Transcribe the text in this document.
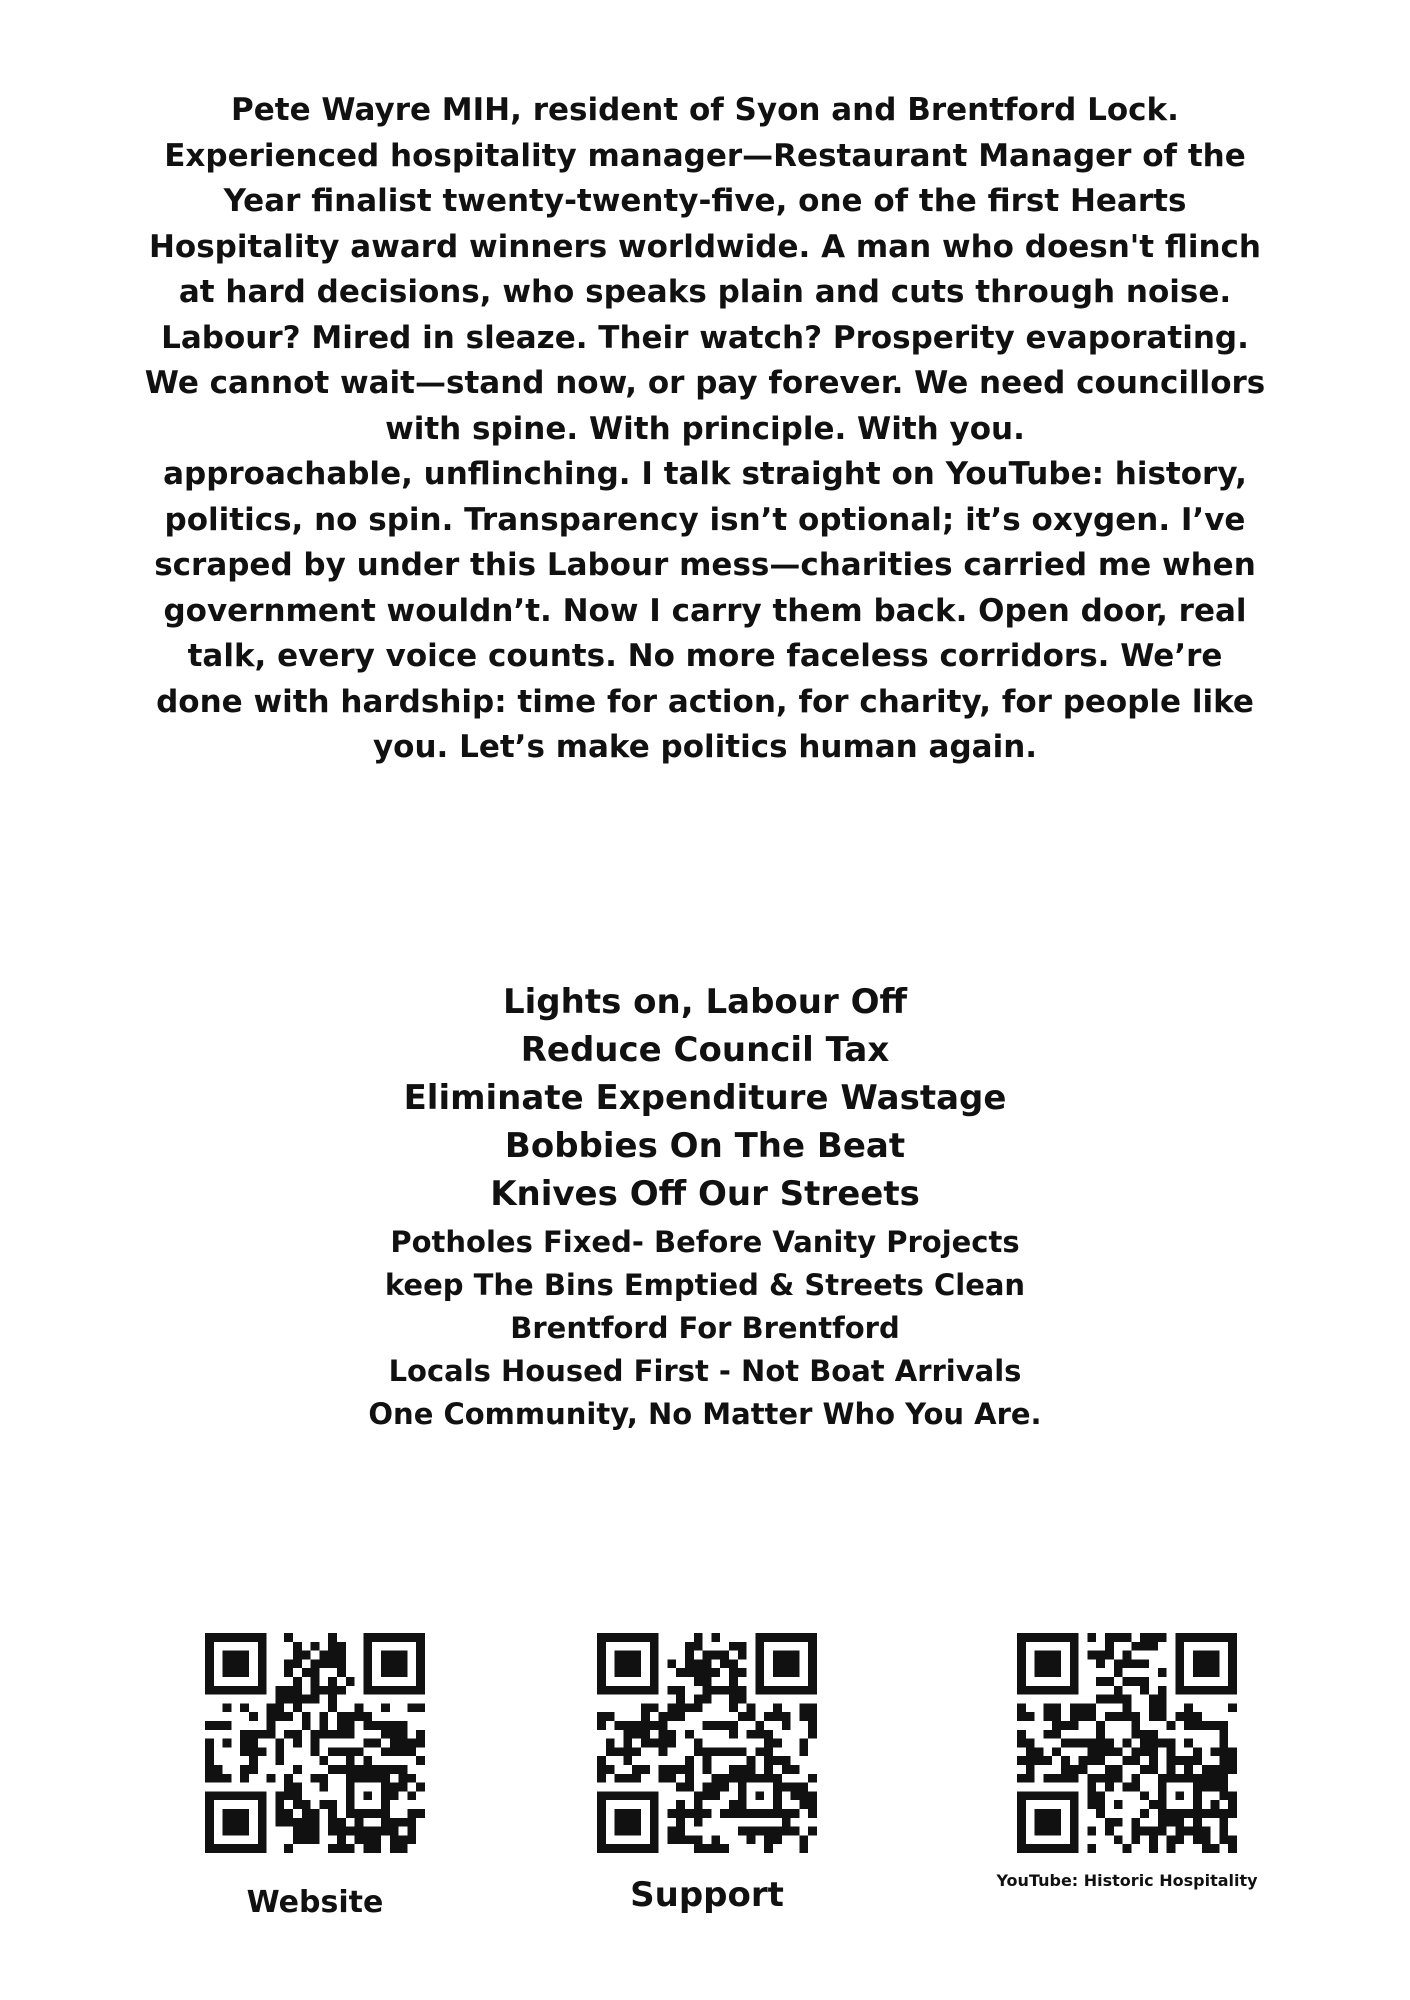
Pete Wayre MIH, resident of Syon and Brentford Lock. Experienced hospitality manager—Restaurant Manager of the Year finalist twenty-twenty-five, one of the first Hearts Hospitality award winners worldwide. A man who doesn't flinch at hard decisions, who speaks plain and cuts through noise. Labour? Mired in sleaze. Their watch? Prosperity evaporating. We cannot wait—stand now, or pay forever. We need councillors with spine. With principle. With you.

approachable, unflinching. I talk straight on YouTube: history, politics, no spin. Transparency isn’t optional; it’s oxygen. I’ve scraped by under this Labour mess—charities carried me when government wouldn’t. Now I carry them back. Open door, real talk, every voice counts. No more faceless corridors. We’re done with hardship: time for action, for charity, for people like you. Let’s make politics human again.

Lights on, Labour Off
Reduce Council Tax
Eliminate Expenditure Wastage
Bobbies On The Beat
Knives Off Our Streets
Potholes Fixed- Before Vanity Projects
keep The Bins Emptied & Streets Clean
Brentford For Brentford
Locals Housed First - Not Boat Arrivals
One Community, No Matter Who You Are.
Website	Support	YouTube: Historic Hospitality
